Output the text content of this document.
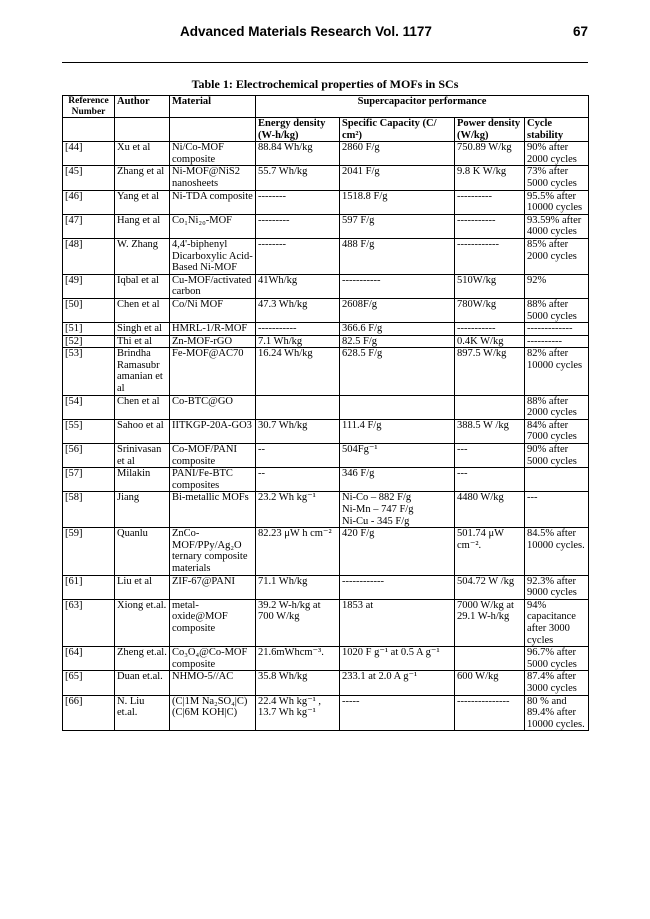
Advanced Materials Research Vol. 1177	67
Table 1: Electrochemical properties of MOFs in SCs
Reference Number	Author	Material	Supercapacitor performance			
			Energy density (W-h/kg)	Specific Capacity (C/ cm²)	Power density (W/kg)	Cycle stability
[44]	Xu et al	Ni/Co-MOF composite	88.84 Wh/kg	2860 F/g	750.89 W/kg	90% after 2000 cycles
[45]	Zhang et al	Ni-MOF@NiS2 nanosheets	55.7 Wh/kg	2041 F/g	9.8 K W/kg	73% after 5000 cycles
[46]	Yang et al	Ni-TDA composite	--------	1518.8 F/g	----------	95.5% after 10000 cycles
[47]	Hang et al	Co₁Ni₂₀-MOF	---------	597 F/g	-----------	93.59% after 4000 cycles
[48]	W. Zhang	4,4'-biphenyl Dicarboxylic Acid-Based Ni-MOF	--------	488 F/g	------------	85% after 2000 cycles
[49]	Iqbal et al	Cu-MOF/activated carbon	41Wh/kg	-----------	510W/kg	92%
[50]	Chen et al	Co/Ni MOF	47.3 Wh/kg	2608F/g	780W/kg	88% after 5000 cycles
[51]	Singh et al	HMRL-1/R-MOF	-----------	366.6 F/g	-----------	-------------
[52]	Thi et al	Zn-MOF-rGO	7.1 Wh/kg	82.5 F/g	0.4K W/kg	----------
[53]	Brindha Ramasubr amanian et al	Fe-MOF@AC70	16.24 Wh/kg	628.5 F/g	897.5 W/kg	82% after 10000 cycles
[54]	Chen et al	Co-BTC@GO				88% after 2000 cycles
[55]	Sahoo et al	IITKGP-20A-GO3	30.7 Wh/kg	111.4 F/g	388.5 W /kg	84% after 7000 cycles
[56]	Srinivasan et al	Co-MOF/PANI composite	--	504Fg⁻¹	---	90% after 5000 cycles
[57]	Milakin	PANI/Fe-BTC composites	--	346 F/g	---	
[58]	Jiang	Bi-metallic MOFs	23.2 Wh kg⁻¹	Ni-Co – 882 F/g
Ni-Mn – 747 F/g
Ni-Cu - 345 F/g	4480 W/kg	---
[59]	Quanlu	ZnCo-MOF/PPy/Ag₂O ternary composite materials	82.23 μW h cm⁻²	420 F/g	501.74 μW cm⁻².	84.5% after 10000 cycles.
[61]	Liu et al	ZIF-67@PANI	71.1 Wh/kg	------------	504.72 W /kg	92.3% after 9000 cycles
[63]	Xiong et.al.	metal-oxide@MOF composite	39.2 W-h/kg at 700 W/kg	1853 at	7000 W/kg at 29.1 W-h/kg	94% capacitance after 3000 cycles
[64]	Zheng et.al.	Co₃O₄@Co-MOF composite	21.6mWhcm⁻³.	1020 F g⁻¹ at 0.5 A g⁻¹		96.7% after 5000 cycles
[65]	Duan et.al.	NHMO-5//AC	35.8 Wh/kg	233.1 at 2.0 A g⁻¹	600 W/kg	87.4% after 3000 cycles
[66]	N. Liu et.al.	(C|1M Na₂SO₄|C)
(C|6M KOH|C)	22.4 Wh kg⁻¹ ,
13.7 Wh kg⁻¹	-----	---------------	80 % and 89.4% after 10000 cycles.
